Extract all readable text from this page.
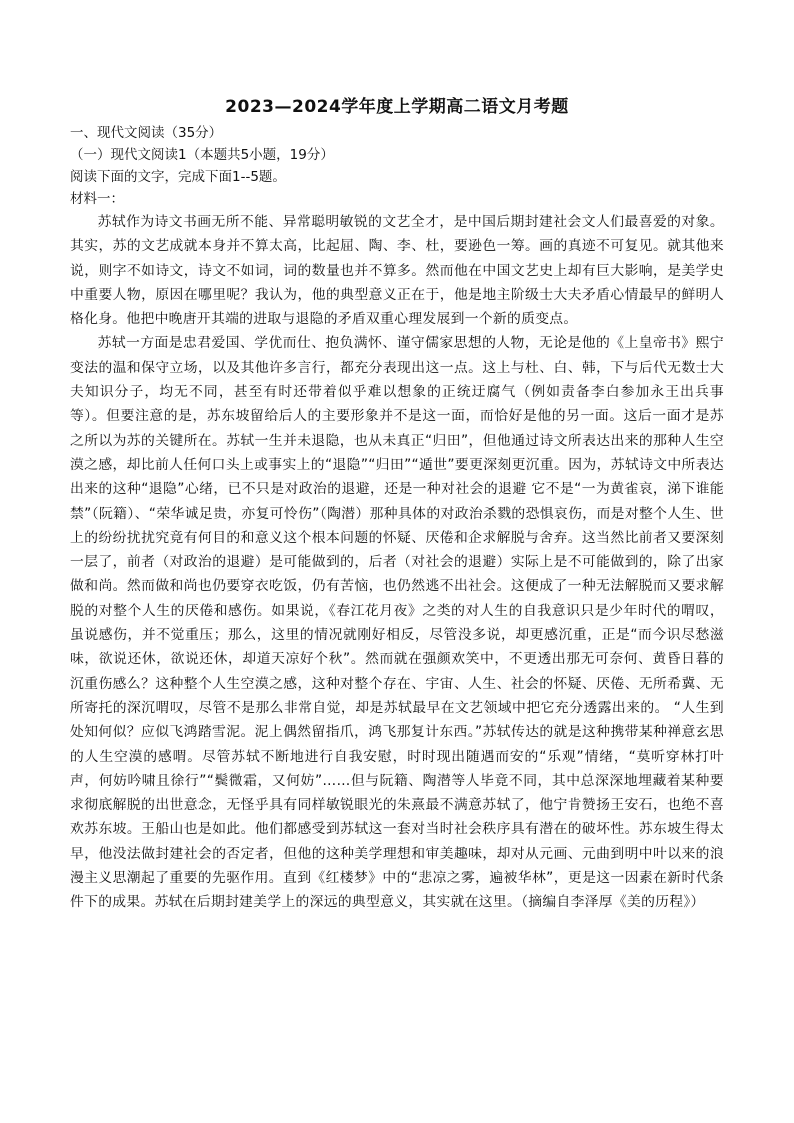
2023—2024学年度上学期高二语文月考题

一、现代文阅读（35分）

（一）现代文阅读1（本题共5小题，19分）

阅读下面的文字，完成下面1--5题。

材料一：

苏轼作为诗文书画无所不能、异常聪明敏锐的文艺全才，是中国后期封建社会文人们最喜爱的对象。其实，苏的文艺成就本身并不算太高，比起屈、陶、李、杜，要逊色一筹。画的真迹不可复见。就其他来说，则字不如诗文，诗文不如词，词的数量也并不算多。然而他在中国文艺史上却有巨大影响，是美学史中重要人物，原因在哪里呢？我认为，他的典型意义正在于，他是地主阶级士大夫矛盾心情最早的鲜明人格化身。他把中晚唐开其端的进取与退隐的矛盾双重心理发展到一个新的质变点。

苏轼一方面是忠君爱国、学优而仕、抱负满怀、谨守儒家思想的人物，无论是他的《上皇帝书》熙宁变法的温和保守立场，以及其他许多言行，都充分表现出这一点。这上与杜、白、韩，下与后代无数士大夫知识分子，均无不同，甚至有时还带着似乎难以想象的正统迂腐气（例如责备李白参加永王出兵事等）。但要注意的是，苏东坡留给后人的主要形象并不是这一面，而恰好是他的另一面。这后一面才是苏之所以为苏的关键所在。苏轼一生并未退隐，也从未真正“归田”，但他通过诗文所表达出来的那种人生空漠之感，却比前人任何口头上或事实上的“退隐”“归田”“遁世”要更深刻更沉重。因为，苏轼诗文中所表达出来的这种“退隐”心绪，已不只是对政治的退避，还是一种对社会的退避 它不是“一为黄雀哀，涕下谁能禁”（阮籍）、“荣华诚足贵，亦复可怜伤”（陶潜）那种具体的对政治杀戮的恐惧哀伤，而是对整个人生、世上的纷纷扰扰究竟有何目的和意义这个根本问题的怀疑、厌倦和企求解脱与舍弃。这当然比前者又要深刻一层了，前者（对政治的退避）是可能做到的，后者（对社会的退避）实际上是不可能做到的，除了出家做和尚。然而做和尚也仍要穿衣吃饭，仍有苦恼，也仍然逃不出社会。这便成了一种无法解脱而又要求解脱的对整个人生的厌倦和感伤。如果说，《春江花月夜》之类的对人生的自我意识只是少年时代的喟叹，虽说感伤，并不觉重压；那么，这里的情况就刚好相反，尽管没多说，却更感沉重，正是“而今识尽愁滋味，欲说还休，欲说还休，却道天凉好个秋”。然而就在强颜欢笑中，不更透出那无可奈何、黄昏日暮的沉重伤感么？这种整个人生空漠之感，这种对整个存在、宇宙、人生、社会的怀疑、厌倦、无所希冀、无所寄托的深沉喟叹，尽管不是那么非常自觉，却是苏轼最早在文艺领域中把它充分透露出来的。 “人生到处知何似？应似飞鸿踏雪泥。泥上偶然留指爪，鸿飞那复计东西。”苏轼传达的就是这种携带某种禅意玄思的人生空漠的感喟。尽管苏轼不断地进行自我安慰，时时现出随遇而安的“乐观”情绪，“莫听穿林打叶声，何妨吟啸且徐行”“鬓微霜，又何妨”……但与阮籍、陶潜等人毕竟不同，其中总深深地埋藏着某种要求彻底解脱的出世意念，无怪乎具有同样敏锐眼光的朱熹最不满意苏轼了，他宁肯赞扬王安石，也绝不喜欢苏东坡。王船山也是如此。他们都感受到苏轼这一套对当时社会秩序具有潜在的破坏性。苏东坡生得太早，他没法做封建社会的否定者，但他的这种美学理想和审美趣味，却对从元画、元曲到明中叶以来的浪漫主义思潮起了重要的先驱作用。直到《红楼梦》中的“悲凉之雾，遍被华林”，更是这一因素在新时代条件下的成果。苏轼在后期封建美学上的深远的典型意义，其实就在这里。（摘编自李泽厚《美的历程》）
